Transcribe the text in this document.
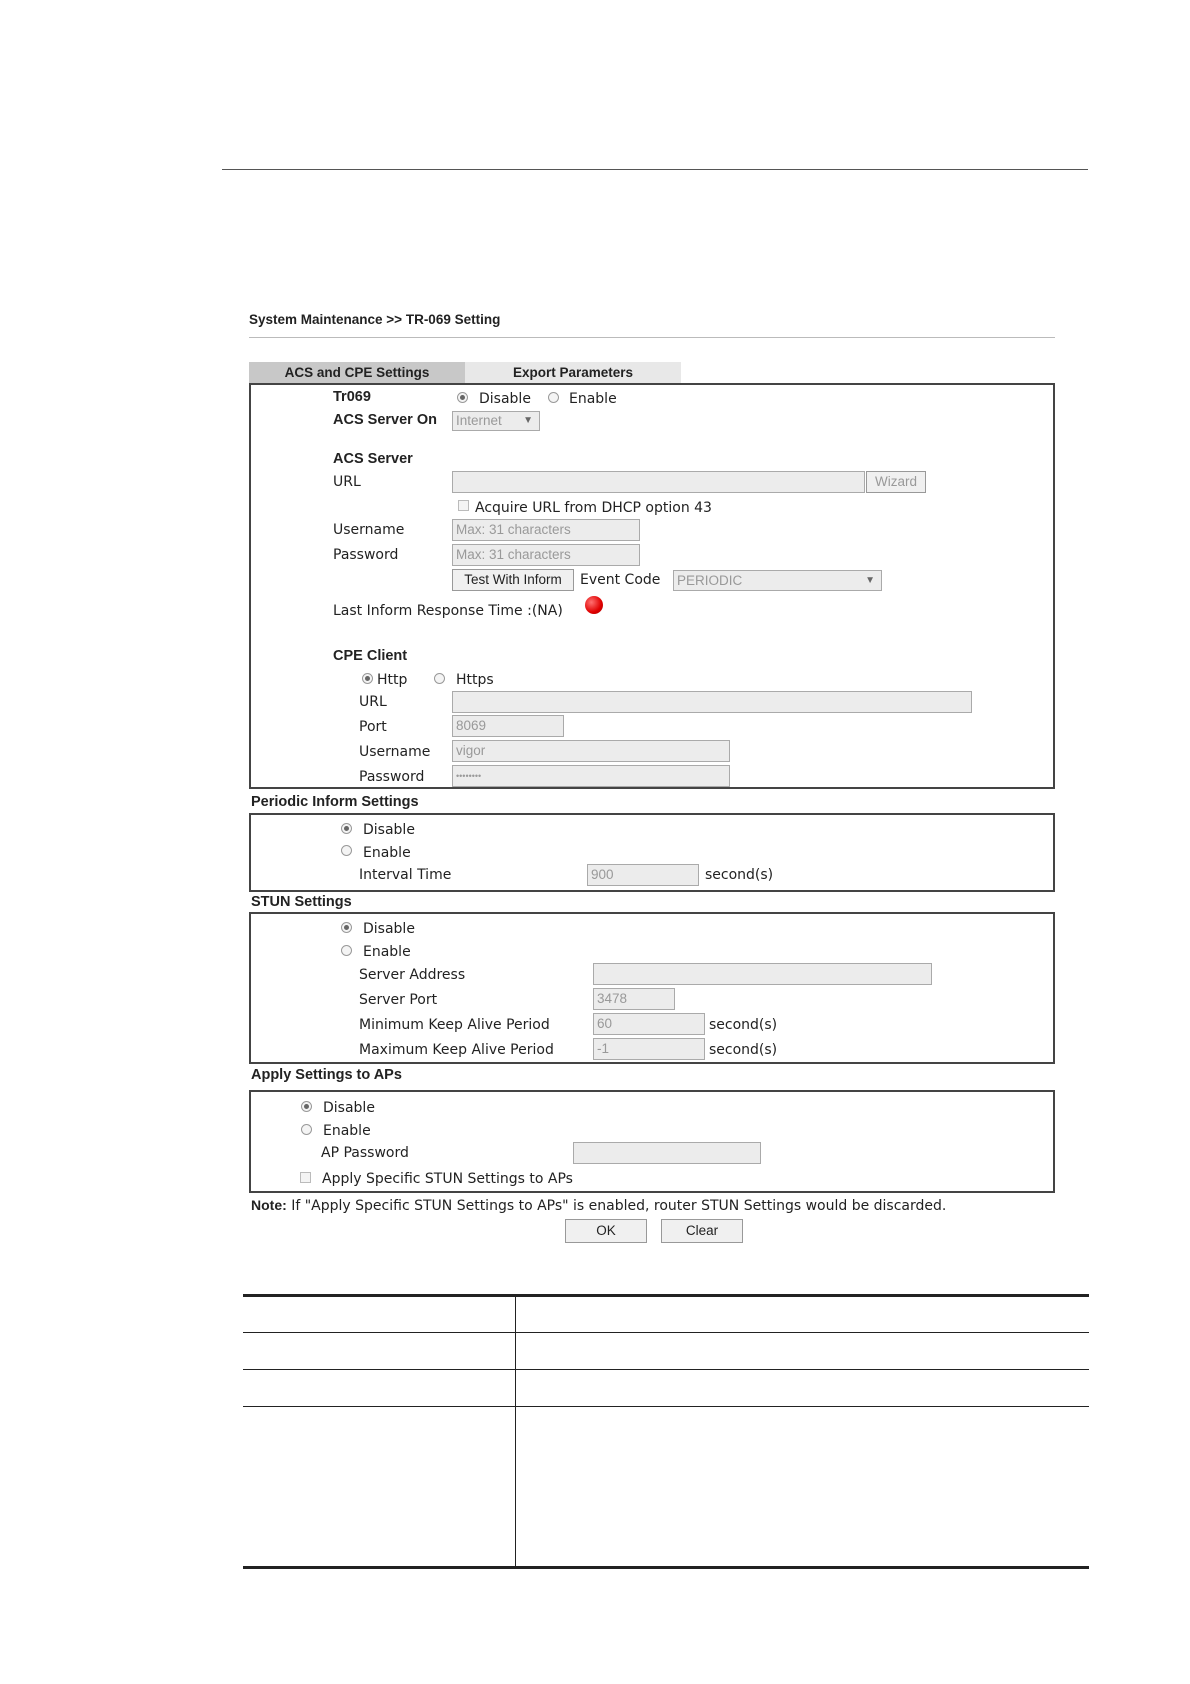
System Maintenance >> TR-069 Setting
ACS and CPE Settings	Export Parameters
Tr069	Disable	Enable
ACS Server On Internet ▼
ACS Server
URL	Wizard
Acquire URL from DHCP option 43
Username	Max: 31 characters
Password	Max: 31 characters
Test With Inform	Event Code PERIODIC	▼
Last Inform Response Time :(NA)
CPE Client
Http	Https
URL
Port	8069
Username vigor
Password	••••••••
Periodic Inform Settings
Disable
Enable
Interval Time	900	second(s)
STUN Settings
Disable
Enable
Server Address
Server Port	3478
Minimum Keep Alive Period	60	second(s)
Maximum Keep Alive Period	-1	second(s)
Apply Settings to APs
Disable
Enable
AP Password
Apply Specific STUN Settings to APs
Note: If "Apply Specific STUN Settings to APs" is enabled, router STUN Settings would be discarded.
OK	Clear
